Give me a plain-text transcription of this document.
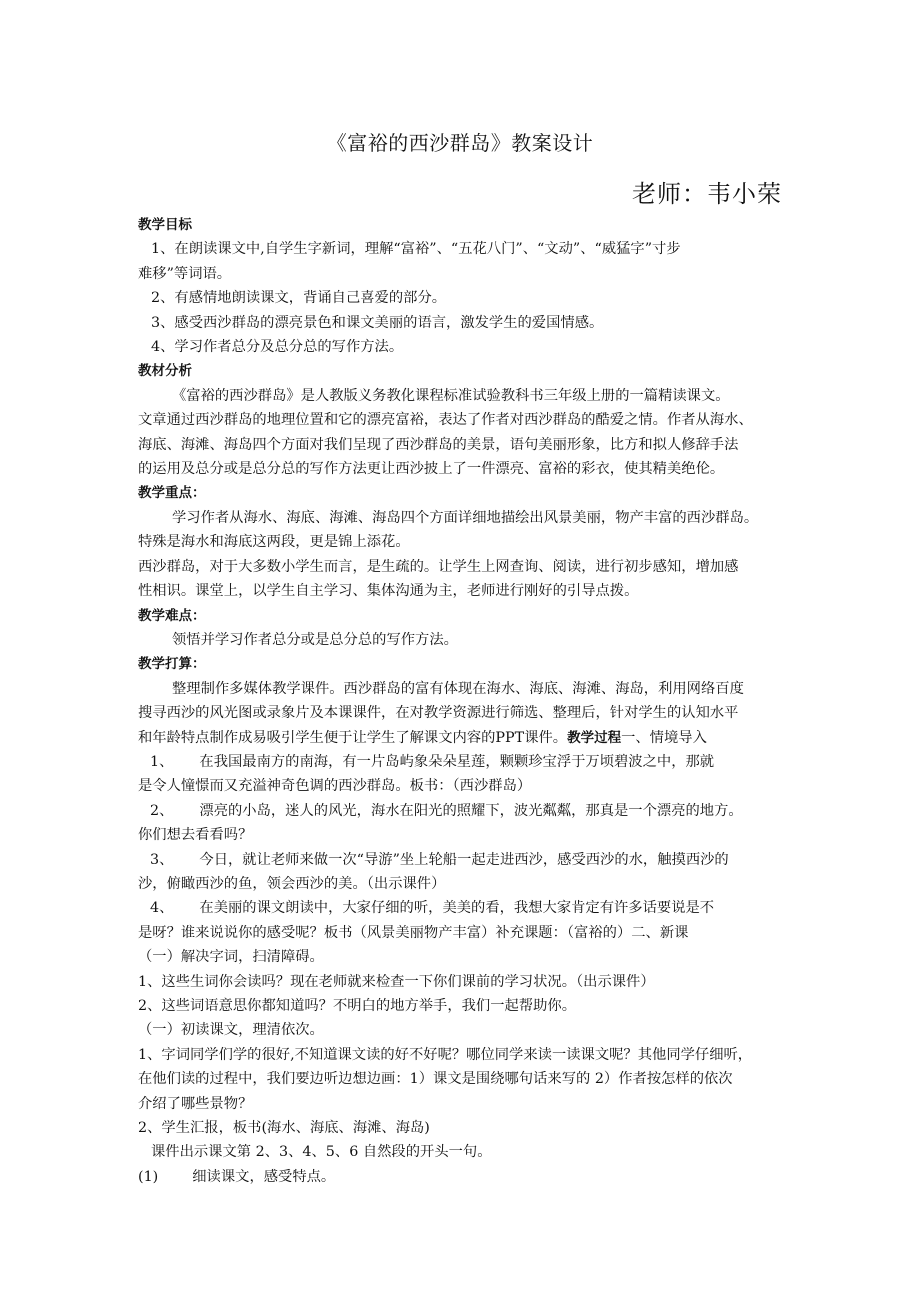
《富裕的西沙群岛》教案设计
老师：韦小荣

教学目标

1、在朗读课文中,自学生字新词，理解“富裕”、“五花八门”、“文动”、“威猛字”寸步

难移”等词语。

2、有感情地朗读课文，背诵自己喜爱的部分。

3、感受西沙群岛的漂亮景色和课文美丽的语言，激发学生的爱国情感。

4、学习作者总分及总分总的写作方法。

教材分析

《富裕的西沙群岛》是人教版义务教化课程标准试验教科书三年级上册的一篇精读课文。

文章通过西沙群岛的地理位置和它的漂亮富裕，表达了作者对西沙群岛的酷爱之情。作者从海水、

海底、海滩、海岛四个方面对我们呈现了西沙群岛的美景，语句美丽形象，比方和拟人修辞手法

的运用及总分或是总分总的写作方法更让西沙披上了一件漂亮、富裕的彩衣，使其精美绝伦。

教学重点：

学习作者从海水、海底、海滩、海岛四个方面详细地描绘出风景美丽，物产丰富的西沙群岛。

特殊是海水和海底这两段，更是锦上添花。

西沙群岛，对于大多数小学生而言，是生疏的。让学生上网查询、阅读，进行初步感知，增加感

性相识。课堂上，以学生自主学习、集体沟通为主，老师进行刚好的引导点拨。

教学难点：

领悟并学习作者总分或是总分总的写作方法。

教学打算：

整理制作多媒体教学课件。西沙群岛的富有体现在海水、海底、海滩、海岛，利用网络百度

搜寻西沙的风光图或录象片及本课课件，在对教学资源进行筛选、整理后，针对学生的认知水平

和年龄特点制作成易吸引学生便于让学生了解课文内容的PPT课件。教学过程一、情境导入

1、 在我国最南方的南海，有一片岛屿象朵朵星莲，颗颗珍宝浮于万顷碧波之中，那就

是令人憧憬而又充溢神奇色调的西沙群岛。板书：（西沙群岛）

2、 漂亮的小岛，迷人的风光，海水在阳光的照耀下，波光粼粼，那真是一个漂亮的地方。

你们想去看看吗？

3、 今日，就让老师来做一次“导游”坐上轮船一起走进西沙，感受西沙的水，触摸西沙的

沙，俯瞰西沙的鱼，领会西沙的美。（出示课件）

4、 在美丽的课文朗读中，大家仔细的听，美美的看，我想大家肯定有许多话要说是不

是呀？谁来说说你的感受呢？板书（风景美丽物产丰富）补充课题：（富裕的）二、新课

（一）解决字词，扫清障碍。

1、这些生词你会读吗？现在老师就来检查一下你们课前的学习状况。（出示课件）

2、这些词语意思你都知道吗？不明白的地方举手，我们一起帮助你。

（一）初读课文，理清依次。

1、字词同学们学的很好,不知道课文读的好不好呢？哪位同学来读一读课文呢？其他同学仔细听，

在他们读的过程中，我们要边听边想边画：1）课文是围绕哪句话来写的 2）作者按怎样的依次

介绍了哪些景物？

2、学生汇报，板书(海水、海底、海滩、海岛)

课件出示课文第 2、3、4、5、6 自然段的开头一句。

(1) 细读课文，感受特点。
